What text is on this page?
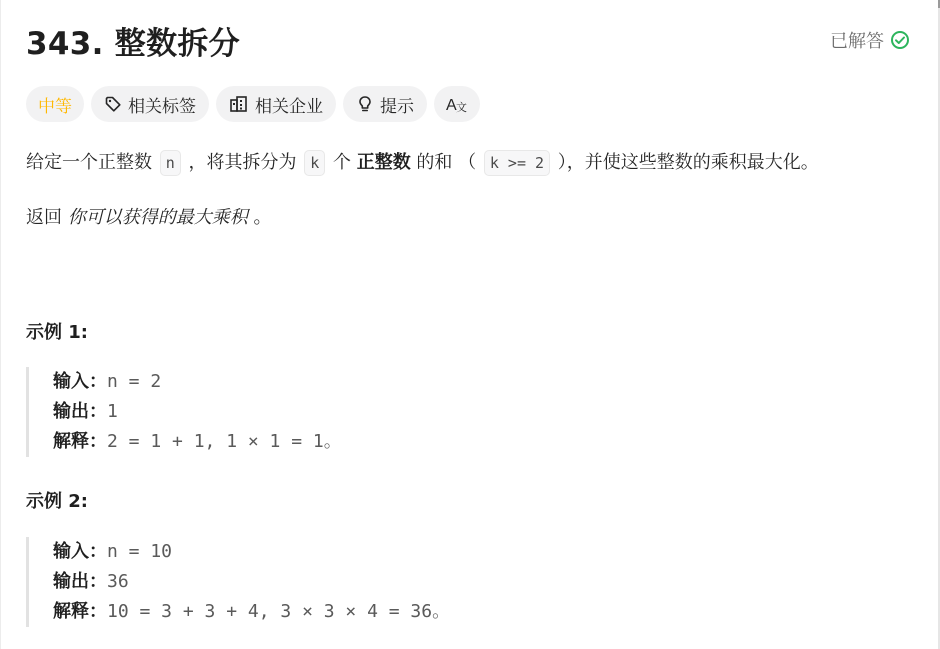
343. 整数拆分	已解答
中等	相关标签	相关企业	提示 A 文
给定一个正整数 n ，将其拆分为 k 个 正整数 的和 （ k >= 2 ），并使这些整数的乘积最大化。
返回 你可以获得的最大乘积 。
示例 1:
输入：n = 2
输出：1
解释：2 = 1 + 1, 1 × 1 = 1。
示例 2:
输入：n = 10
输出：36
解释：10 = 3 + 3 + 4, 3 × 3 × 4 = 36。
